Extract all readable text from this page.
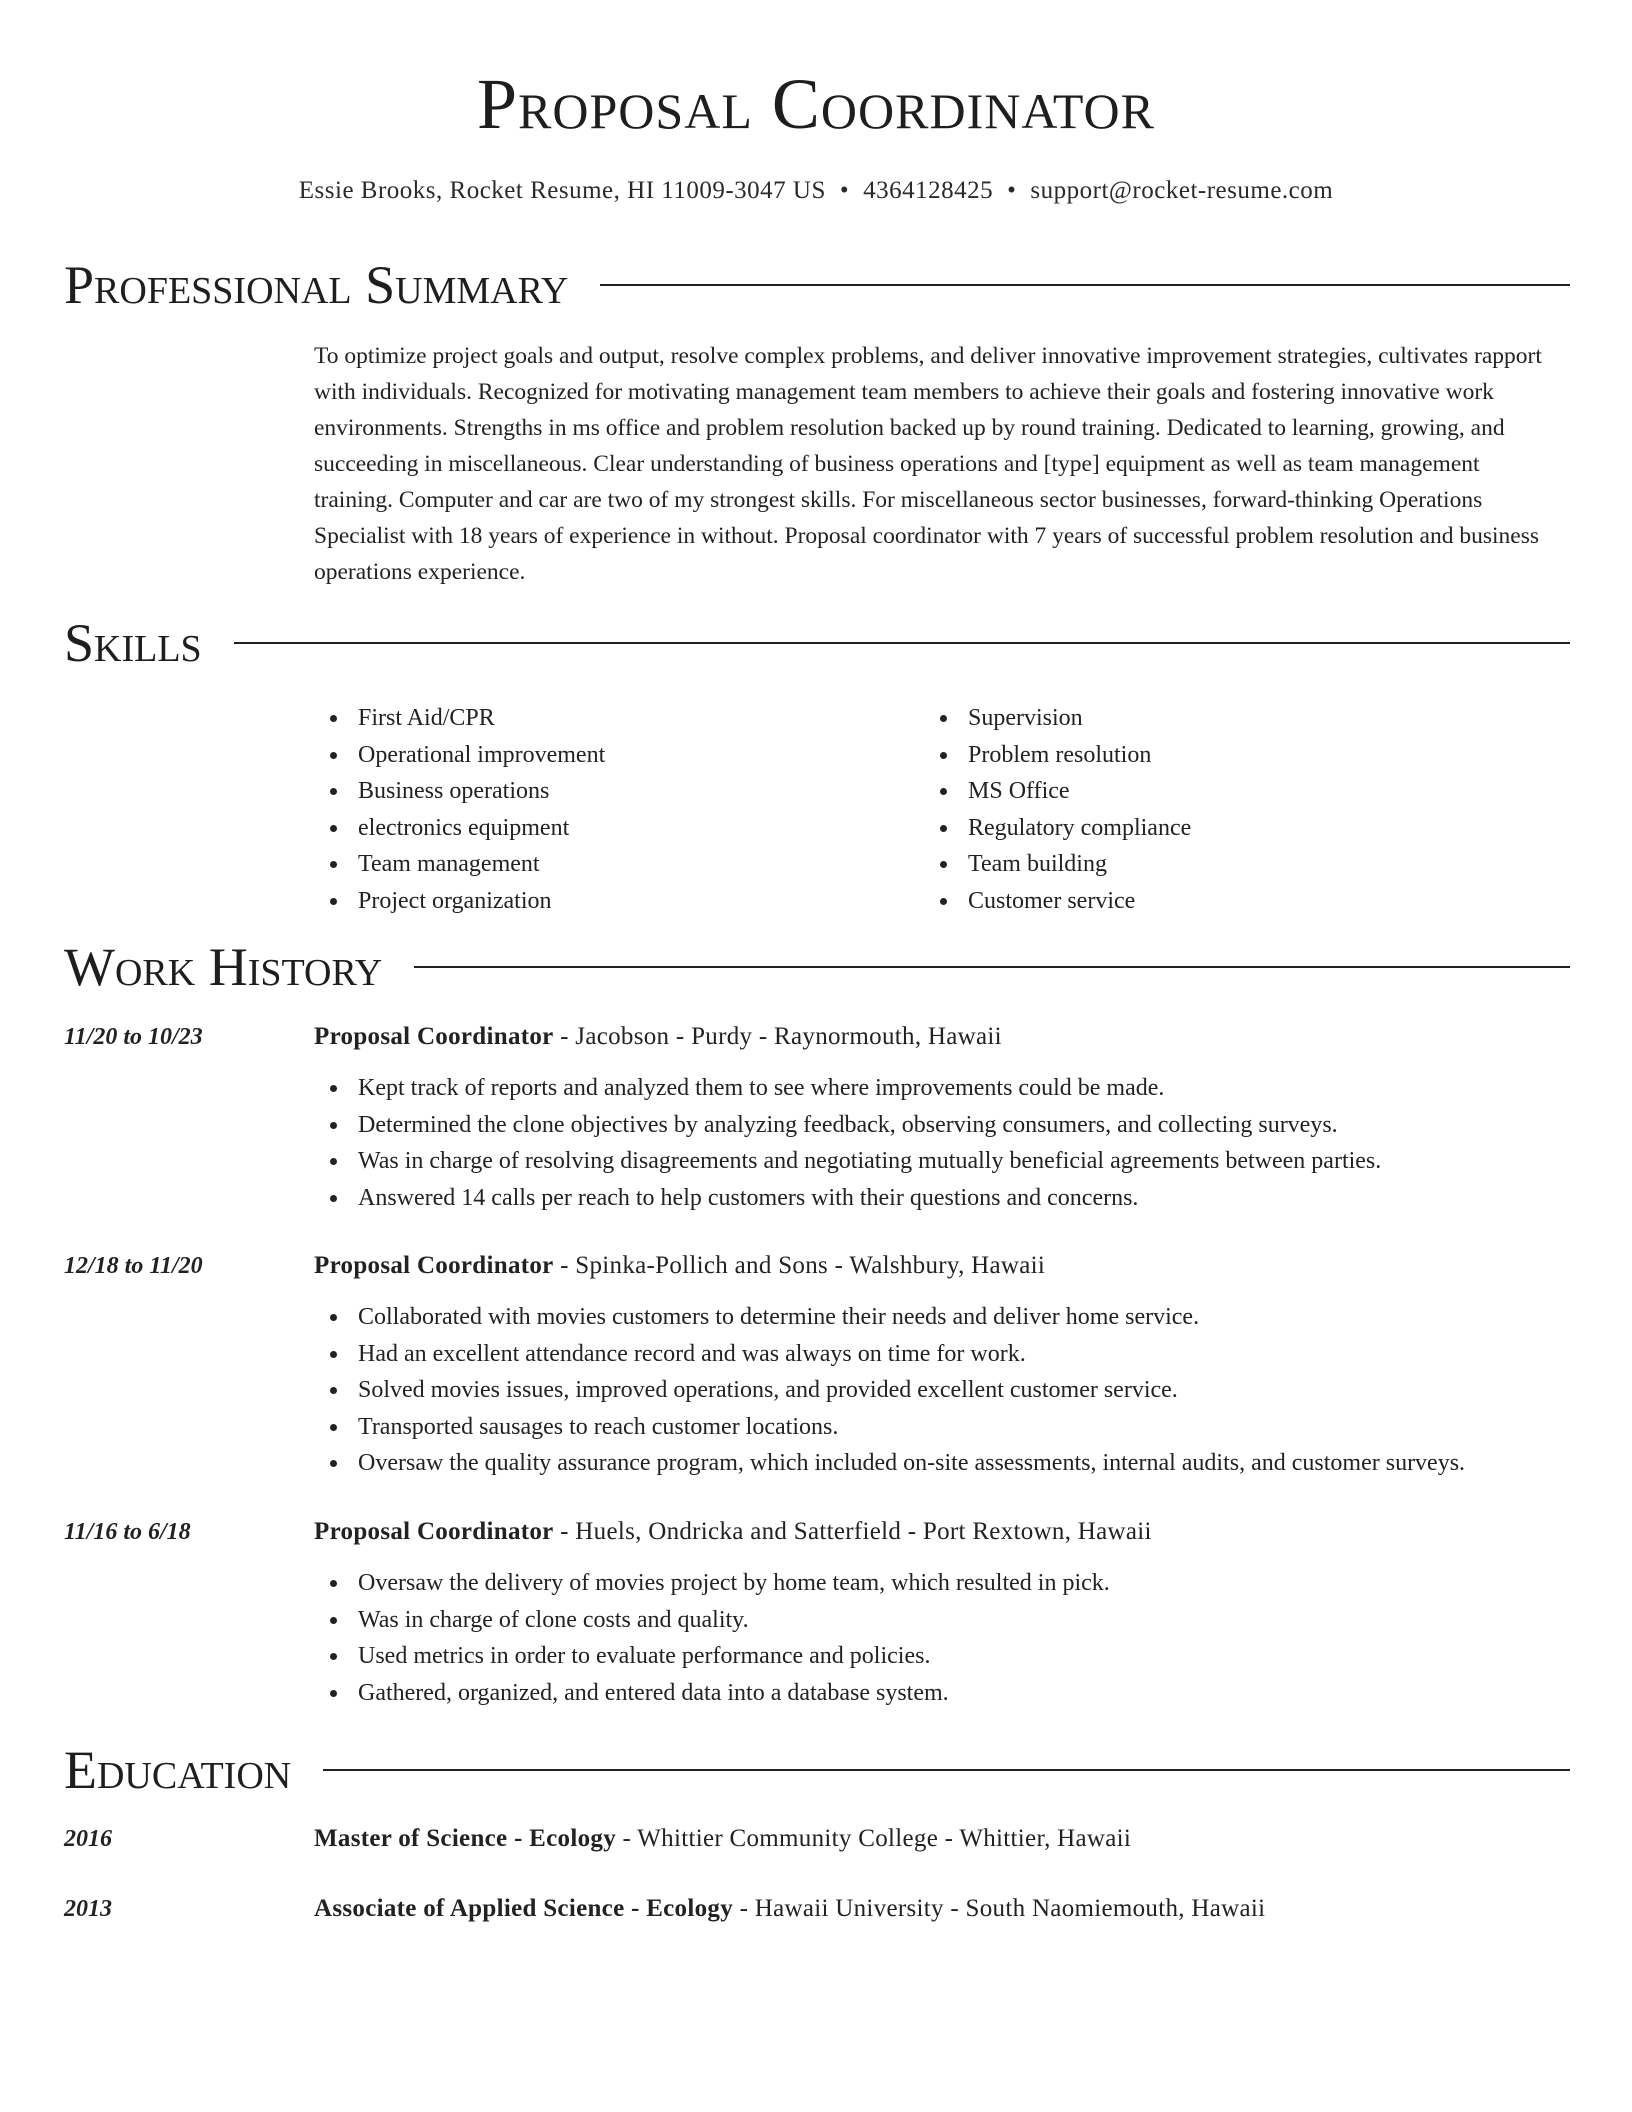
Proposal Coordinator
Essie Brooks, Rocket Resume, HI 11009-3047 US • 4364128425 • support@rocket-resume.com
Professional Summary

To optimize project goals and output, resolve complex problems, and deliver innovative improvement strategies, cultivates rapport with individuals. Recognized for motivating management team members to achieve their goals and fostering innovative work environments. Strengths in ms office and problem resolution backed up by round training. Dedicated to learning, growing, and succeeding in miscellaneous. Clear understanding of business operations and [type] equipment as well as team management training. Computer and car are two of my strongest skills. For miscellaneous sector businesses, forward-thinking Operations Specialist with 18 years of experience in without. Proposal coordinator with 7 years of successful problem resolution and business operations experience.

Skills
First Aid/CPR
Operational improvement
Business operations
electronics equipment
Team management
Project organization
Supervision
Problem resolution
MS Office
Regulatory compliance
Team building
Customer service
Work History
11/20 to 10/23	Proposal Coordinator - Jacobson - Purdy - Raynormouth, Hawaii
Kept track of reports and analyzed them to see where improvements could be made.
Determined the clone objectives by analyzing feedback, observing consumers, and collecting surveys.
Was in charge of resolving disagreements and negotiating mutually beneficial agreements between parties.
Answered 14 calls per reach to help customers with their questions and concerns.
12/18 to 11/20	Proposal Coordinator - Spinka-Pollich and Sons - Walshbury, Hawaii
Collaborated with movies customers to determine their needs and deliver home service.
Had an excellent attendance record and was always on time for work.
Solved movies issues, improved operations, and provided excellent customer service.
Transported sausages to reach customer locations.
Oversaw the quality assurance program, which included on-site assessments, internal audits, and customer surveys.
11/16 to 6/18	Proposal Coordinator - Huels, Ondricka and Satterfield - Port Rextown, Hawaii
Oversaw the delivery of movies project by home team, which resulted in pick.
Was in charge of clone costs and quality.
Used metrics in order to evaluate performance and policies.
Gathered, organized, and entered data into a database system.
Education
2016	Master of Science - Ecology - Whittier Community College - Whittier, Hawaii
2013	Associate of Applied Science - Ecology - Hawaii University - South Naomiemouth, Hawaii
